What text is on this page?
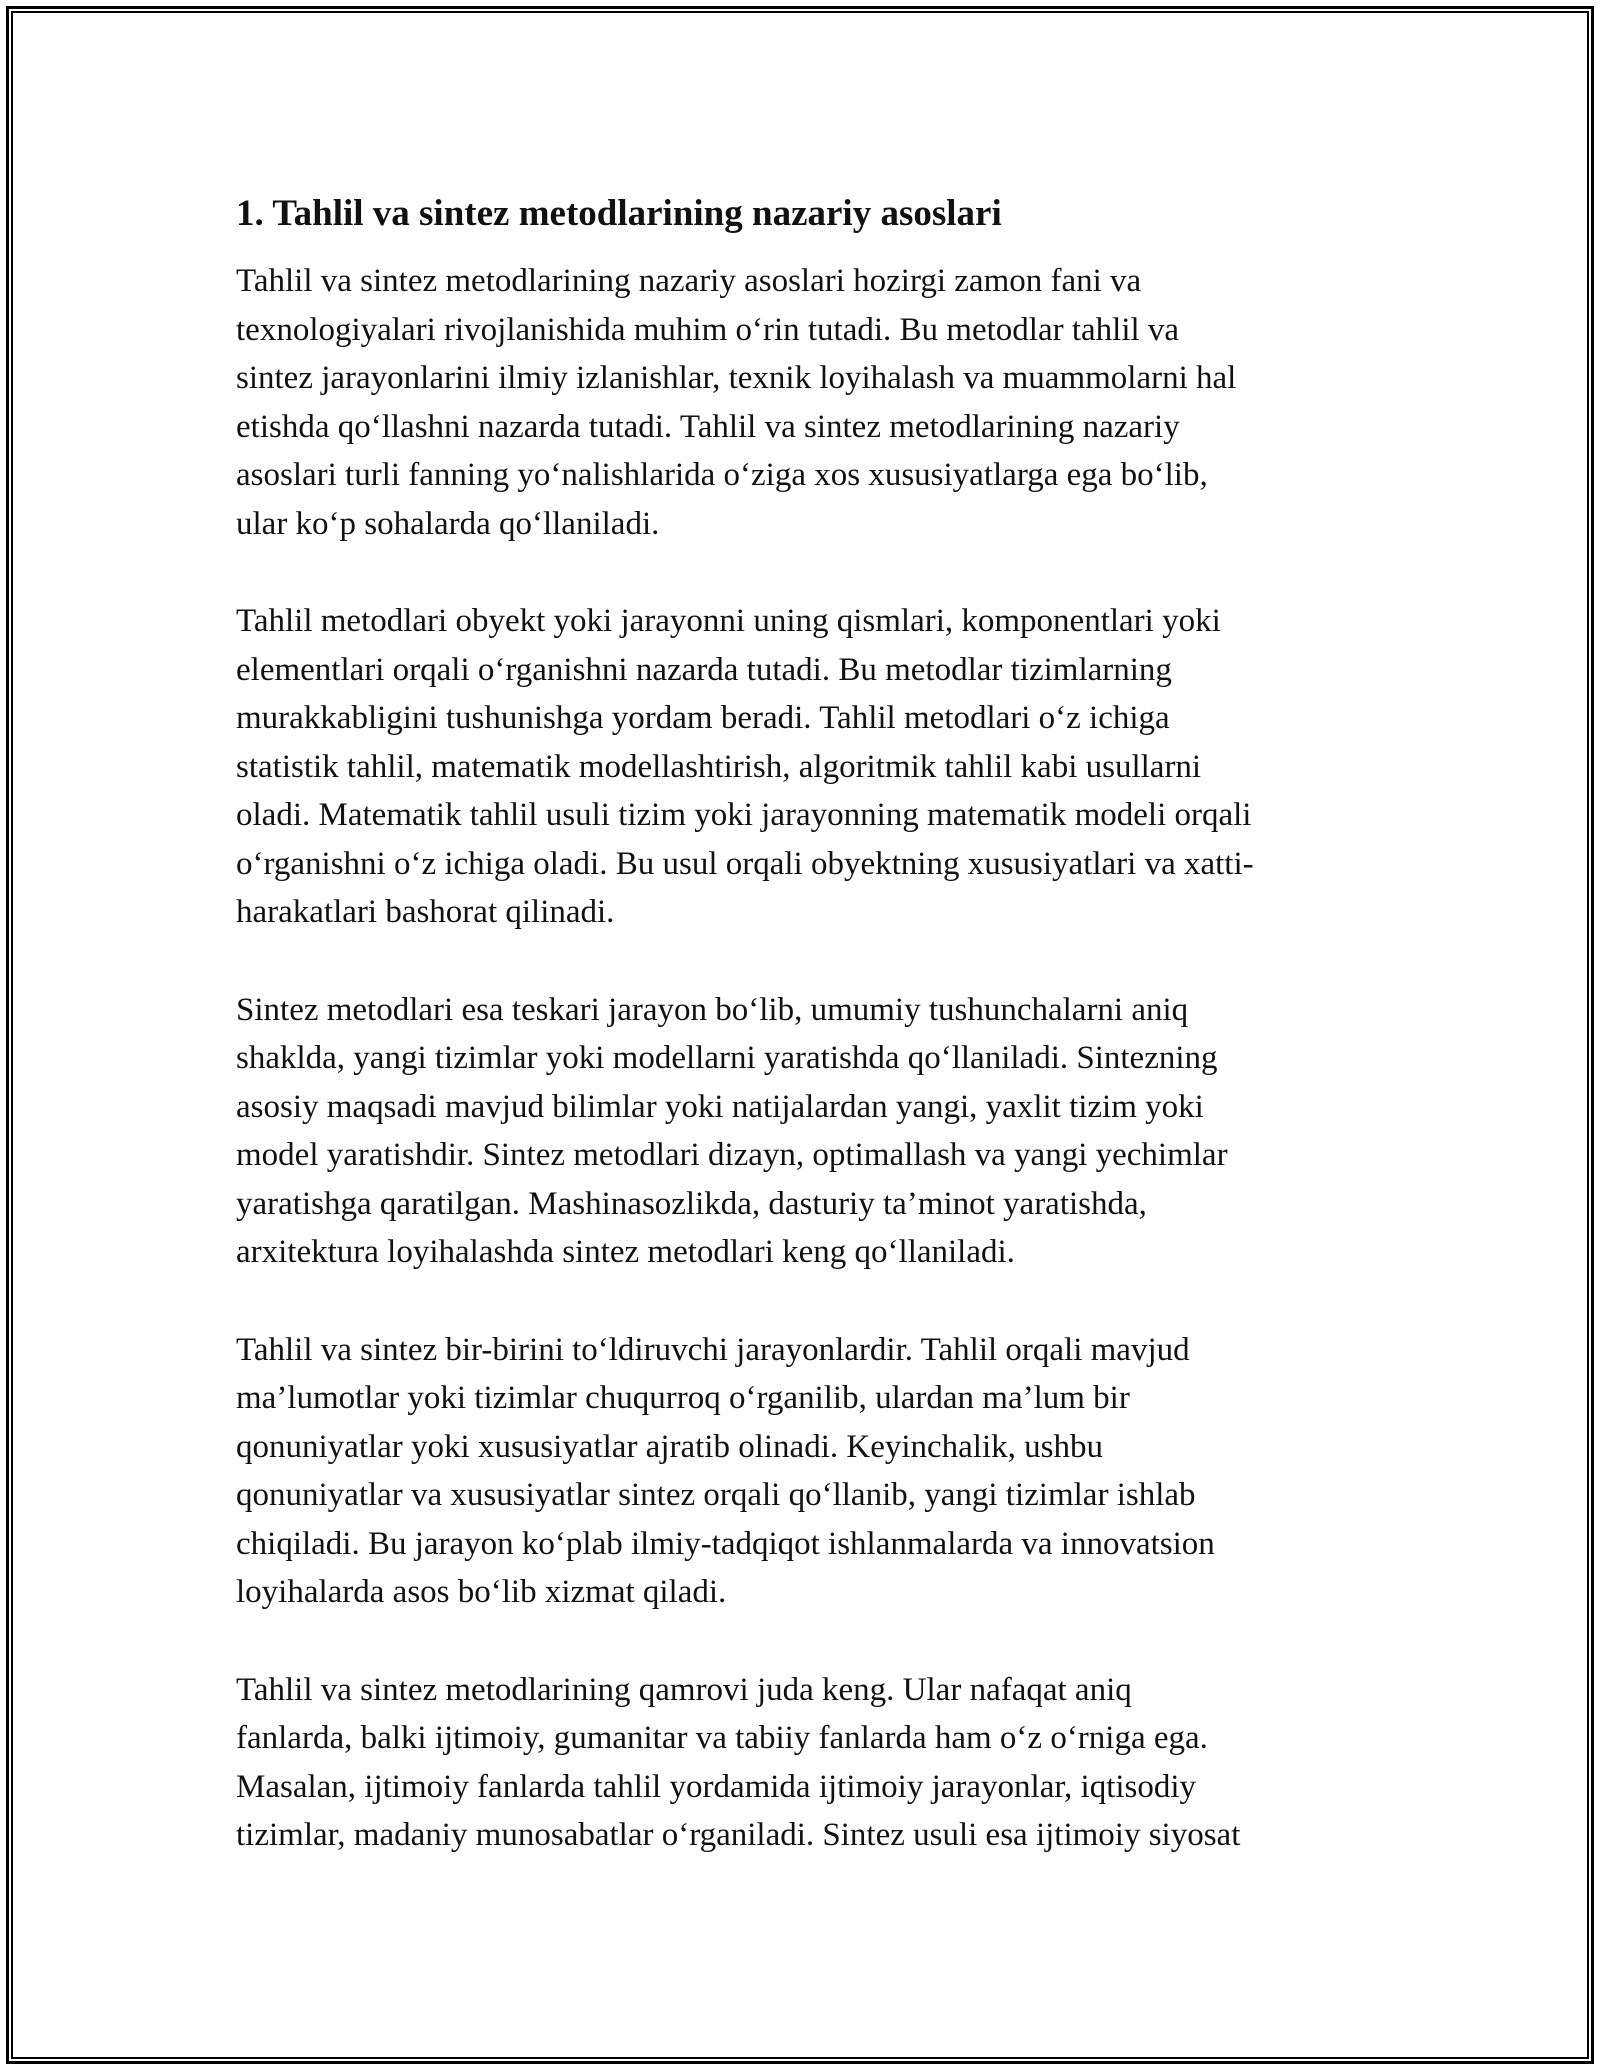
1. Tahlil va sintez metodlarining nazariy asoslari

Tahlil va sintez metodlarining nazariy asoslari hozirgi zamon fani va
texnologiyalari rivojlanishida muhim o‘rin tutadi. Bu metodlar tahlil va
sintez jarayonlarini ilmiy izlanishlar, texnik loyihalash va muammolarni hal
etishda qo‘llashni nazarda tutadi. Tahlil va sintez metodlarining nazariy
asoslari turli fanning yo‘nalishlarida o‘ziga xos xususiyatlarga ega bo‘lib,
ular ko‘p sohalarda qo‘llaniladi.

Tahlil metodlari obyekt yoki jarayonni uning qismlari, komponentlari yoki
elementlari orqali o‘rganishni nazarda tutadi. Bu metodlar tizimlarning
murakkabligini tushunishga yordam beradi. Tahlil metodlari o‘z ichiga
statistik tahlil, matematik modellashtirish, algoritmik tahlil kabi usullarni
oladi. Matematik tahlil usuli tizim yoki jarayonning matematik modeli orqali
o‘rganishni o‘z ichiga oladi. Bu usul orqali obyektning xususiyatlari va xatti-
harakatlari bashorat qilinadi.

Sintez metodlari esa teskari jarayon bo‘lib, umumiy tushunchalarni aniq
shaklda, yangi tizimlar yoki modellarni yaratishda qo‘llaniladi. Sintezning
asosiy maqsadi mavjud bilimlar yoki natijalardan yangi, yaxlit tizim yoki
model yaratishdir. Sintez metodlari dizayn, optimallash va yangi yechimlar
yaratishga qaratilgan. Mashinasozlikda, dasturiy ta’minot yaratishda,
arxitektura loyihalashda sintez metodlari keng qo‘llaniladi.

Tahlil va sintez bir-birini to‘ldiruvchi jarayonlardir. Tahlil orqali mavjud
ma’lumotlar yoki tizimlar chuqurroq o‘rganilib, ulardan ma’lum bir
qonuniyatlar yoki xususiyatlar ajratib olinadi. Keyinchalik, ushbu
qonuniyatlar va xususiyatlar sintez orqali qo‘llanib, yangi tizimlar ishlab
chiqiladi. Bu jarayon ko‘plab ilmiy-tadqiqot ishlanmalarda va innovatsion
loyihalarda asos bo‘lib xizmat qiladi.

Tahlil va sintez metodlarining qamrovi juda keng. Ular nafaqat aniq
fanlarda, balki ijtimoiy, gumanitar va tabiiy fanlarda ham o‘z o‘rniga ega.
Masalan, ijtimoiy fanlarda tahlil yordamida ijtimoiy jarayonlar, iqtisodiy
tizimlar, madaniy munosabatlar o‘rganiladi. Sintez usuli esa ijtimoiy siyosat
